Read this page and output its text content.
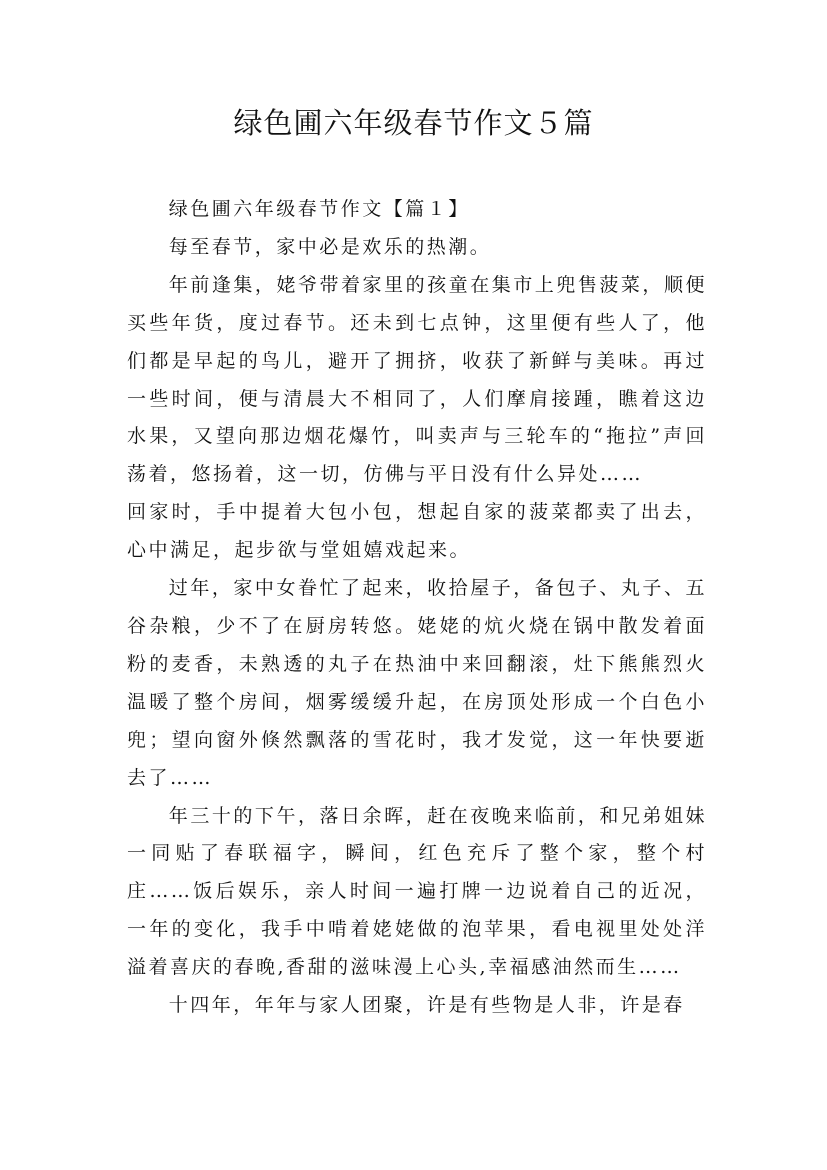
绿色圃六年级春节作文５篇

绿色圃六年级春节作文【篇１】

每至春节，家中必是欢乐的热潮。

年前逢集，姥爷带着家里的孩童在集市上兜售菠菜，顺便买些年货，度过春节。还未到七点钟，这里便有些人了，他们都是早起的鸟儿，避开了拥挤，收获了新鲜与美味。再过一些时间，便与清晨大不相同了，人们摩肩接踵，瞧着这边水果，又望向那边烟花爆竹，叫卖声与三轮车的“拖拉”声回荡着，悠扬着，这一切，仿佛与平日没有什么异处……

回家时，手中提着大包小包，想起自家的菠菜都卖了出去，心中满足，起步欲与堂姐嬉戏起来。

过年，家中女眷忙了起来，收拾屋子，备包子、丸子、五谷杂粮，少不了在厨房转悠。姥姥的炕火烧在锅中散发着面粉的麦香，未熟透的丸子在热油中来回翻滚，灶下熊熊烈火温暖了整个房间，烟雾缓缓升起，在房顶处形成一个白色小兜；望向窗外倏然飘落的雪花时，我才发觉，这一年快要逝去了……

年三十的下午，落日余晖，赶在夜晚来临前，和兄弟姐妹一同贴了春联福字，瞬间，红色充斥了整个家，整个村庄……饭后娱乐，亲人时间一遍打牌一边说着自己的近况，一年的变化，我手中啃着姥姥做的泡苹果，看电视里处处洋溢着喜庆的春晚,香甜的滋味漫上心头,幸福感油然而生……

十四年，年年与家人团聚，许是有些物是人非，许是春
